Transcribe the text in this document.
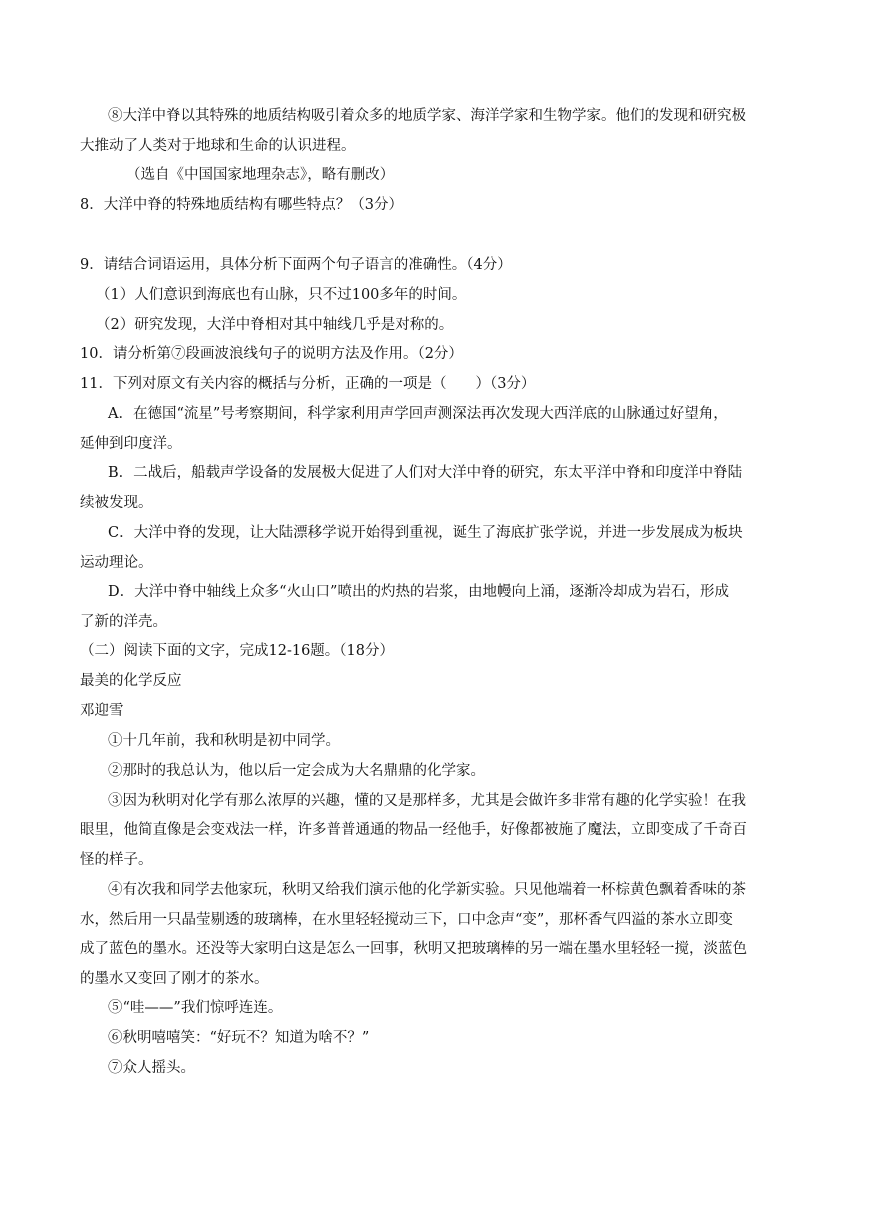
⑧大洋中脊以其特殊的地质结构吸引着众多的地质学家、海洋学家和生物学家。他们的发现和研究极
大推动了人类对于地球和生命的认识进程。
（选自《中国国家地理杂志》，略有删改）
8．大洋中脊的特殊地质结构有哪些特点？（3分）
9．请结合词语运用，具体分析下面两个句子语言的准确性。（4分）
（1）人们意识到海底也有山脉，只不过100多年的时间。
（2）研究发现，大洋中脊相对其中轴线几乎是对称的。
10．请分析第⑦段画波浪线句子的说明方法及作用。（2分）
11．下列对原文有关内容的概括与分析，正确的一项是（　　）（3分）
A．在德国“流星”号考察期间，科学家利用声学回声测深法再次发现大西洋底的山脉通过好望角，
延伸到印度洋。
B．二战后，船载声学设备的发展极大促进了人们对大洋中脊的研究，东太平洋中脊和印度洋中脊陆
续被发现。
C．大洋中脊的发现，让大陆漂移学说开始得到重视，诞生了海底扩张学说，并进一步发展成为板块
运动理论。
D．大洋中脊中轴线上众多“火山口”喷出的灼热的岩浆，由地幔向上涌，逐渐冷却成为岩石，形成
了新的洋壳。
（二）阅读下面的文字，完成12-16题。（18分）
最美的化学反应
邓迎雪
①十几年前，我和秋明是初中同学。
②那时的我总认为，他以后一定会成为大名鼎鼎的化学家。
③因为秋明对化学有那么浓厚的兴趣，懂的又是那样多，尤其是会做许多非常有趣的化学实验！在我
眼里，他简直像是会变戏法一样，许多普普通通的物品一经他手，好像都被施了魔法，立即变成了千奇百
怪的样子。
④有次我和同学去他家玩，秋明又给我们演示他的化学新实验。只见他端着一杯棕黄色飘着香味的茶
水，然后用一只晶莹剔透的玻璃棒，在水里轻轻搅动三下，口中念声“变”，那杯香气四溢的茶水立即变
成了蓝色的墨水。还没等大家明白这是怎么一回事，秋明又把玻璃棒的另一端在墨水里轻轻一搅，淡蓝色
的墨水又变回了刚才的茶水。
⑤“哇——”我们惊呼连连。
⑥秋明嘻嘻笑：“好玩不？知道为啥不？”
⑦众人摇头。
